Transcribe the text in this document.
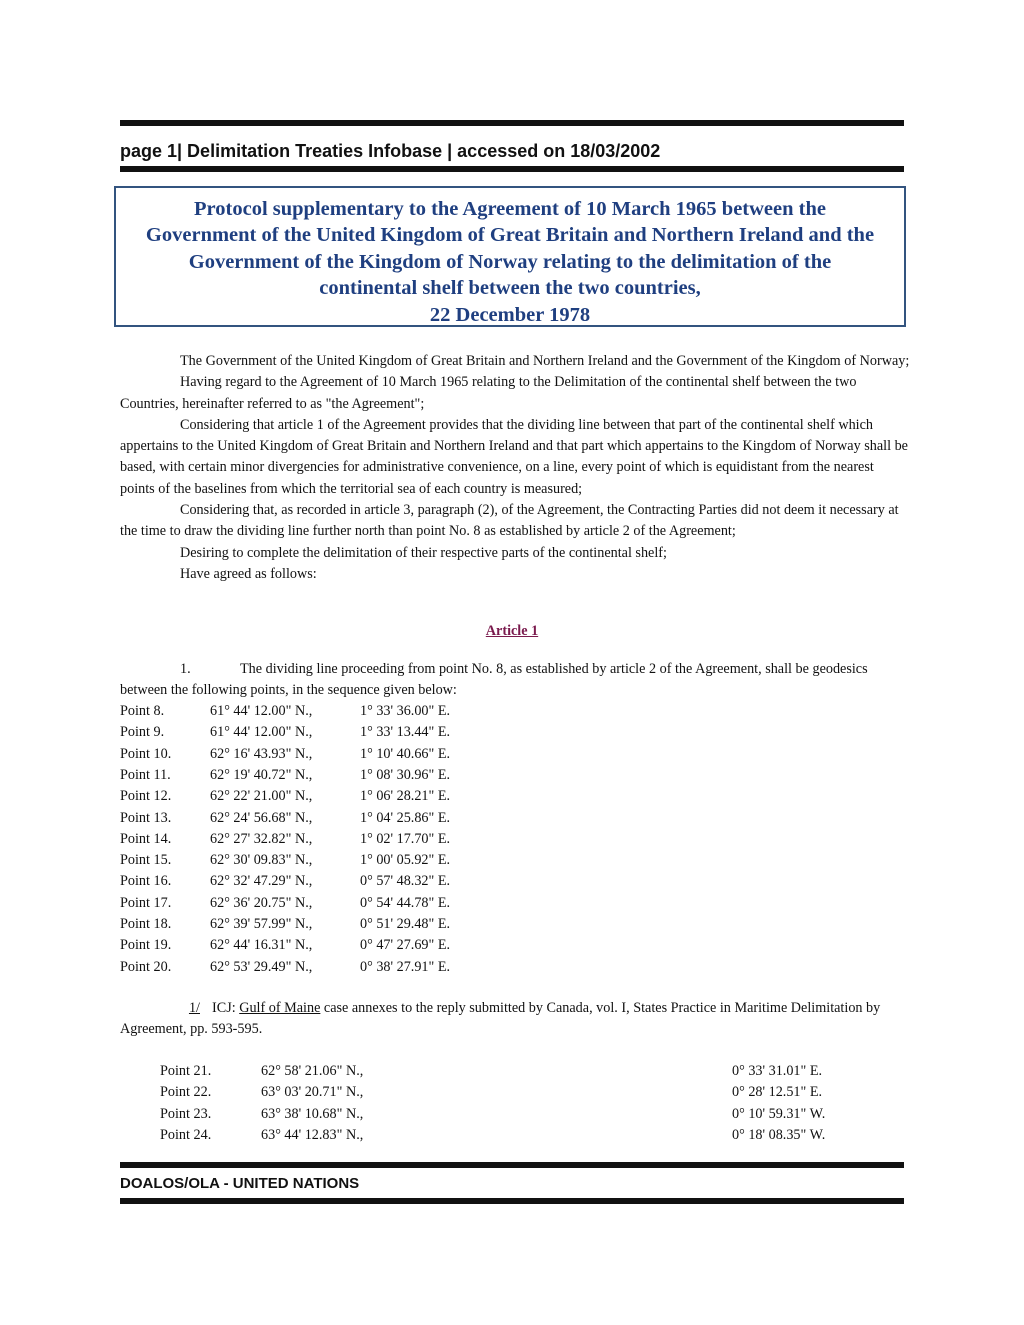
page 1| Delimitation Treaties Infobase | accessed on 18/03/2002
Protocol supplementary to the Agreement of 10 March 1965 between the
Government of the United Kingdom of Great Britain and Northern Ireland and the
Government of the Kingdom of Norway relating to the delimitation of the
continental shelf between the two countries,
22 December 1978

The Government of the United Kingdom of Great Britain and Northern Ireland and the Government of the Kingdom of Norway;

Having regard to the Agreement of 10 March 1965 relating to the Delimitation of the continental shelf between the two Countries, hereinafter referred to as "the Agreement";

Considering that article 1 of the Agreement provides that the dividing line between that part of the continental shelf which appertains to the United Kingdom of Great Britain and Northern Ireland and that part which appertains to the Kingdom of Norway shall be based, with certain minor divergencies for administrative convenience, on a line, every point of which is equidistant from the nearest points of the baselines from which the territorial sea of each country is measured;

Considering that, as recorded in article 3, paragraph (2), of the Agreement, the Contracting Parties did not deem it necessary at the time to draw the dividing line further north than point No. 8 as established by article 2 of the Agreement;

Desiring to complete the delimitation of their respective parts of the continental shelf;

Have agreed as follows:

Article 1

1.	The dividing line proceeding from point No. 8, as established by article 2 of the Agreement, shall be geodesics between the following points, in the sequence given below:

Point 8.	61° 44' 12.00" N.,	1° 33' 36.00" E.
Point 9.	61° 44' 12.00" N.,	1° 33' 13.44" E.
Point 10.	62° 16' 43.93" N.,	1° 10' 40.66" E.
Point 11.	62° 19' 40.72" N.,	1° 08' 30.96" E.
Point 12.	62° 22' 21.00" N.,	1° 06' 28.21" E.
Point 13.	62° 24' 56.68" N.,	1° 04' 25.86" E.
Point 14.	62° 27' 32.82" N.,	1° 02' 17.70" E.
Point 15.	62° 30' 09.83" N.,	1° 00' 05.92" E.
Point 16.	62° 32' 47.29" N.,	0° 57' 48.32" E.
Point 17.	62° 36' 20.75" N.,	0° 54' 44.78" E.
Point 18.	62° 39' 57.99" N.,	0° 51' 29.48" E.
Point 19.	62° 44' 16.31" N.,	0° 47' 27.69" E.
Point 20.	62° 53' 29.49" N.,	0° 38' 27.91" E.

1/ ICJ: Gulf of Maine case annexes to the reply submitted by Canada, vol. I, States Practice in Maritime Delimitation by Agreement, pp. 593-595.

Point 21.	62° 58' 21.06" N.,	0° 33' 31.01" E.
Point 22.	63° 03' 20.71" N.,	0° 28' 12.51" E.
Point 23.	63° 38' 10.68" N.,	0° 10' 59.31" W.
Point 24.	63° 44' 12.83" N.,	0° 18' 08.35" W.
DOALOS/OLA - UNITED NATIONS
